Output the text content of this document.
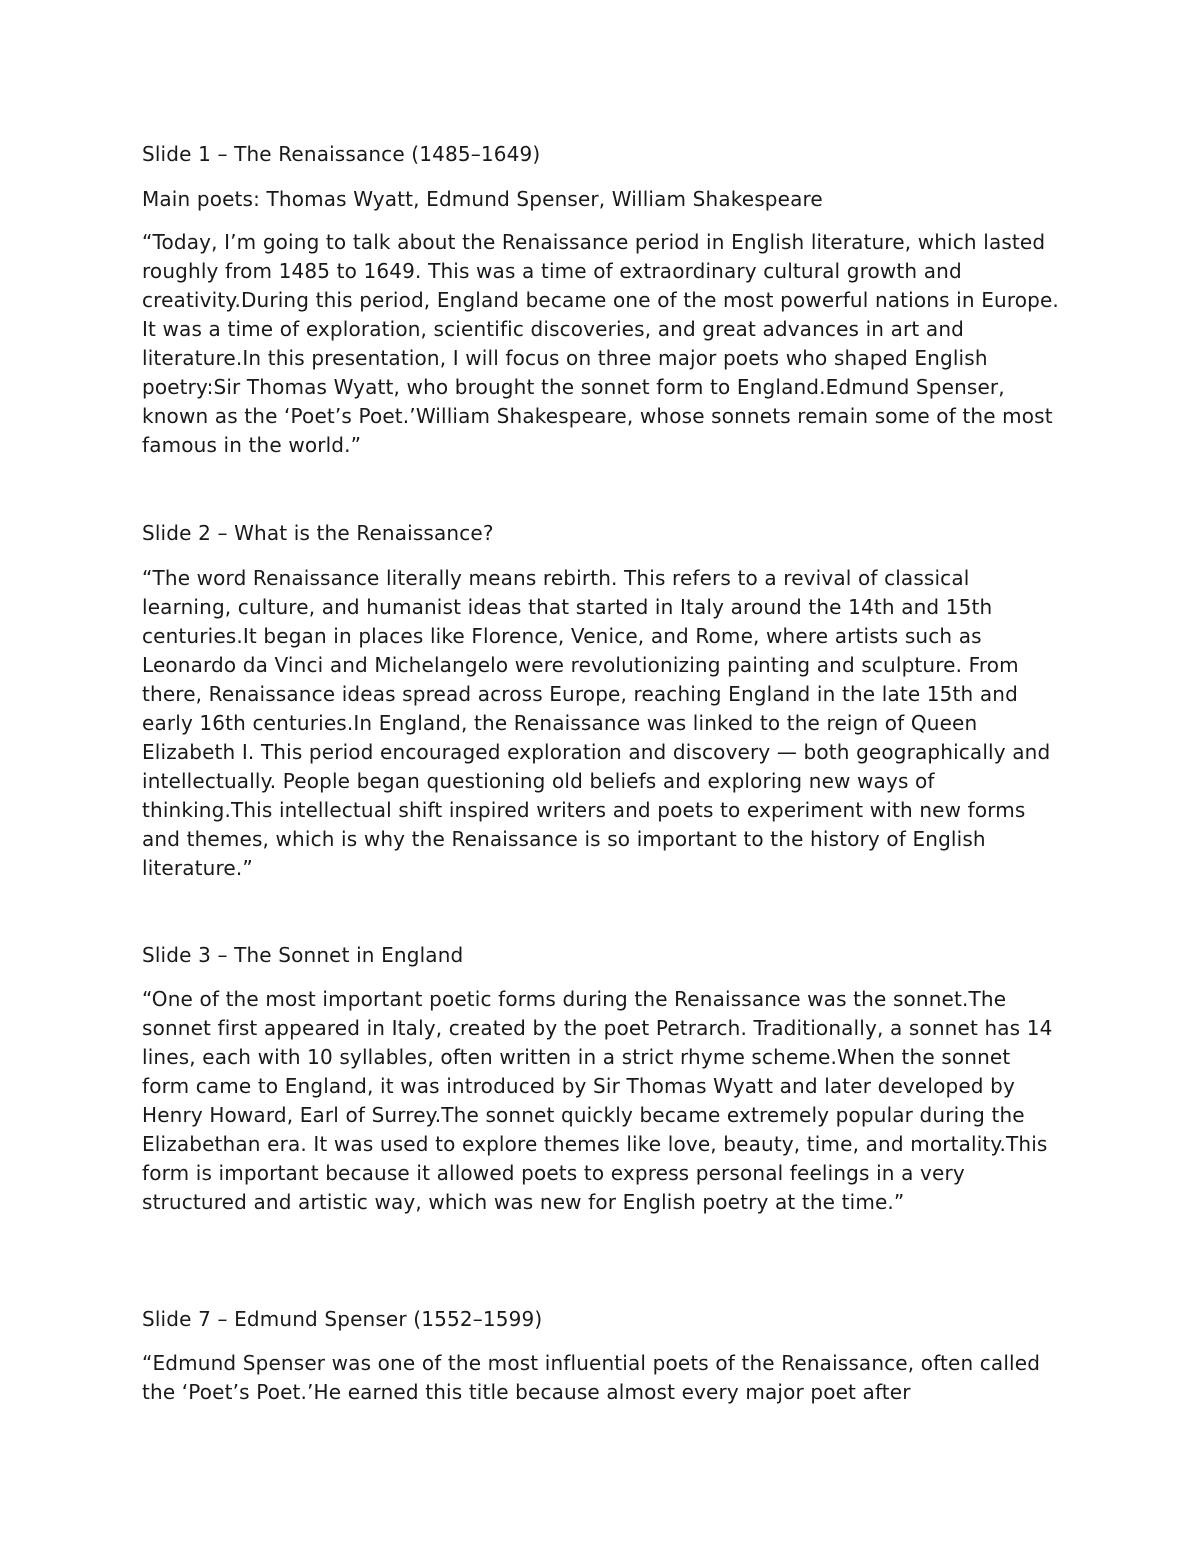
Slide 1 – The Renaissance (1485–1649)

Main poets: Thomas Wyatt, Edmund Spenser, William Shakespeare

“Today, I’m going to talk about the Renaissance period in English literature, which lasted roughly from 1485 to 1649. This was a time of extraordinary cultural growth and creativity.During this period, England became one of the most powerful nations in Europe. It was a time of exploration, scientific discoveries, and great advances in art and literature.In this presentation, I will focus on three major poets who shaped English poetry:Sir Thomas Wyatt, who brought the sonnet form to England.Edmund Spenser, known as the ‘Poet’s Poet.’William Shakespeare, whose sonnets remain some of the most famous in the world.”

Slide 2 – What is the Renaissance?

“The word Renaissance literally means rebirth. This refers to a revival of classical learning, culture, and humanist ideas that started in Italy around the 14th and 15th centuries.It began in places like Florence, Venice, and Rome, where artists such as Leonardo da Vinci and Michelangelo were revolutionizing painting and sculpture. From there, Renaissance ideas spread across Europe, reaching England in the late 15th and early 16th centuries.In England, the Renaissance was linked to the reign of Queen Elizabeth I. This period encouraged exploration and discovery — both geographically and intellectually. People began questioning old beliefs and exploring new ways of thinking.This intellectual shift inspired writers and poets to experiment with new forms and themes, which is why the Renaissance is so important to the history of English literature.”

Slide 3 – The Sonnet in England

“One of the most important poetic forms during the Renaissance was the sonnet.The sonnet first appeared in Italy, created by the poet Petrarch. Traditionally, a sonnet has 14 lines, each with 10 syllables, often written in a strict rhyme scheme.When the sonnet form came to England, it was introduced by Sir Thomas Wyatt and later developed by Henry Howard, Earl of Surrey.The sonnet quickly became extremely popular during the Elizabethan era. It was used to explore themes like love, beauty, time, and mortality.This form is important because it allowed poets to express personal feelings in a very structured and artistic way, which was new for English poetry at the time.”

Slide 7 – Edmund Spenser (1552–1599)

“Edmund Spenser was one of the most influential poets of the Renaissance, often called the ‘Poet’s Poet.’He earned this title because almost every major poet after
